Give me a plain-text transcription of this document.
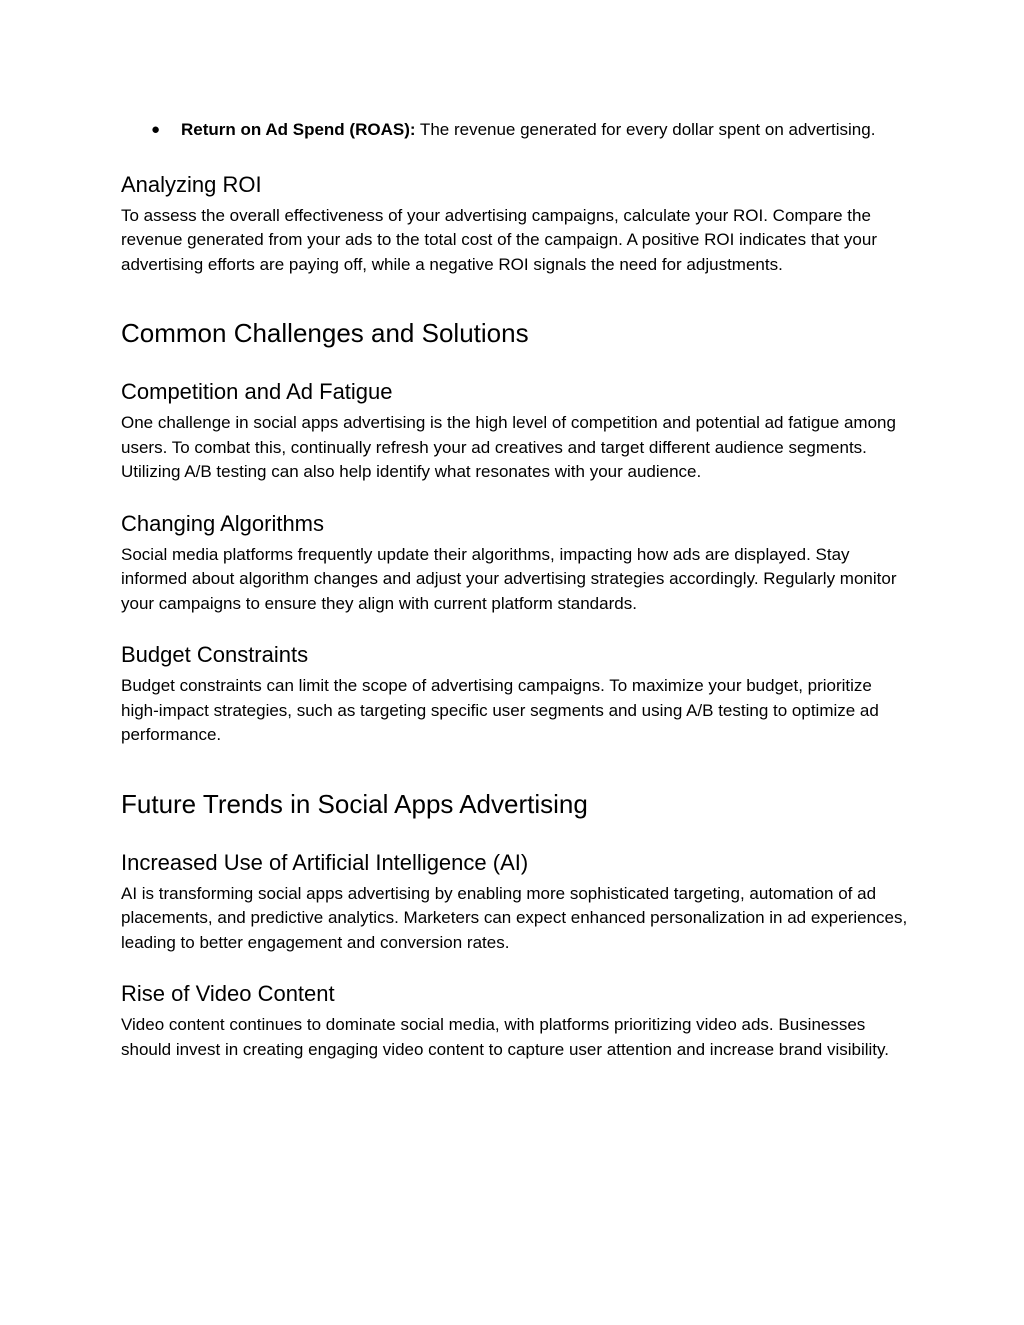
● Return on Ad Spend (ROAS): The revenue generated for every dollar spent on advertising.
Analyzing ROI

To assess the overall effectiveness of your advertising campaigns, calculate your ROI. Compare the revenue generated from your ads to the total cost of the campaign. A positive ROI indicates that your advertising efforts are paying off, while a negative ROI signals the need for adjustments.

Common Challenges and Solutions
Competition and Ad Fatigue

One challenge in social apps advertising is the high level of competition and potential ad fatigue among users. To combat this, continually refresh your ad creatives and target different audience segments. Utilizing A/B testing can also help identify what resonates with your audience.

Changing Algorithms

Social media platforms frequently update their algorithms, impacting how ads are displayed. Stay informed about algorithm changes and adjust your advertising strategies accordingly. Regularly monitor your campaigns to ensure they align with current platform standards.

Budget Constraints

Budget constraints can limit the scope of advertising campaigns. To maximize your budget, prioritize high-impact strategies, such as targeting specific user segments and using A/B testing to optimize ad performance.

Future Trends in Social Apps Advertising
Increased Use of Artificial Intelligence (AI)

AI is transforming social apps advertising by enabling more sophisticated targeting, automation of ad placements, and predictive analytics. Marketers can expect enhanced personalization in ad experiences, leading to better engagement and conversion rates.

Rise of Video Content

Video content continues to dominate social media, with platforms prioritizing video ads. Businesses should invest in creating engaging video content to capture user attention and increase brand visibility.
